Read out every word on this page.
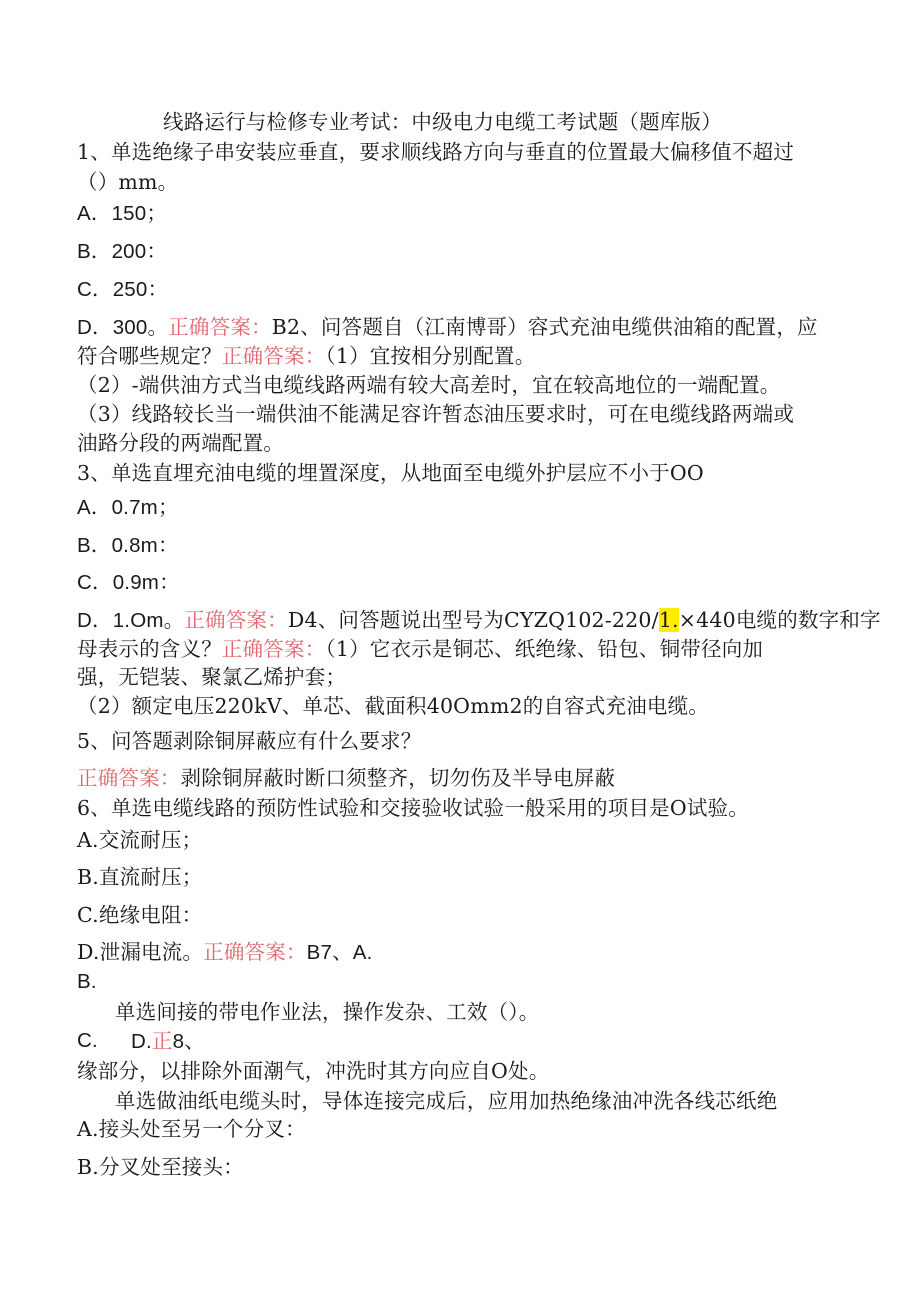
线路运行与检修专业考试：中级电力电缆工考试题（题库版）
1、单选绝缘子串安装应垂直，要求顺线路方向与垂直的位置最大偏移值不超过
（）mm。
A．150；
B．200：
C．250：
D．300。正确答案：B2、问答题自（江南博哥）容式充油电缆供油箱的配置，应
符合哪些规定？正确答案：（1）宜按相分别配置。
（2）-端供油方式当电缆线路两端有较大高差时，宜在较高地位的一端配置。
（3）线路较长当一端供油不能满足容许暂态油压要求时，可在电缆线路两端或
油路分段的两端配置。
3、单选直埋充油电缆的埋置深度，从地面至电缆外护层应不小于OO
A．0.7m；
B．0.8m：
C．0.9m：
D．1.Om。正确答案：D4、问答题说出型号为CYZQ102-220/1.×440电缆的数字和字
母表示的含义？正确答案：（1）它衣示是铜芯、纸绝缘、铅包、铜带径向加
强，无铠装、聚氯乙烯护套；
（2）额定电压220kV、单芯、截面积40Omm2的自容式充油电缆。
5、问答题剥除铜屏蔽应有什么要求？
正确答案：剥除铜屏蔽时断口须整齐，切勿伤及半导电屏蔽
6、单选电缆线路的预防性试验和交接验收试验一般采用的项目是O试验。
A.交流耐压；
B.直流耐压；
C.绝缘电阻：
D.泄漏电流。正确答案：B7、A.
B.
单选间接的带电作业法，操作发杂、工效（）。
C. D.正8、
缘部分，以排除外面潮气，冲洗时其方向应自O处。
单选做油纸电缆头时，导体连接完成后，应用加热绝缘油冲洗各线芯纸绝
A.接头处至另一个分叉：
B.分叉处至接头：
